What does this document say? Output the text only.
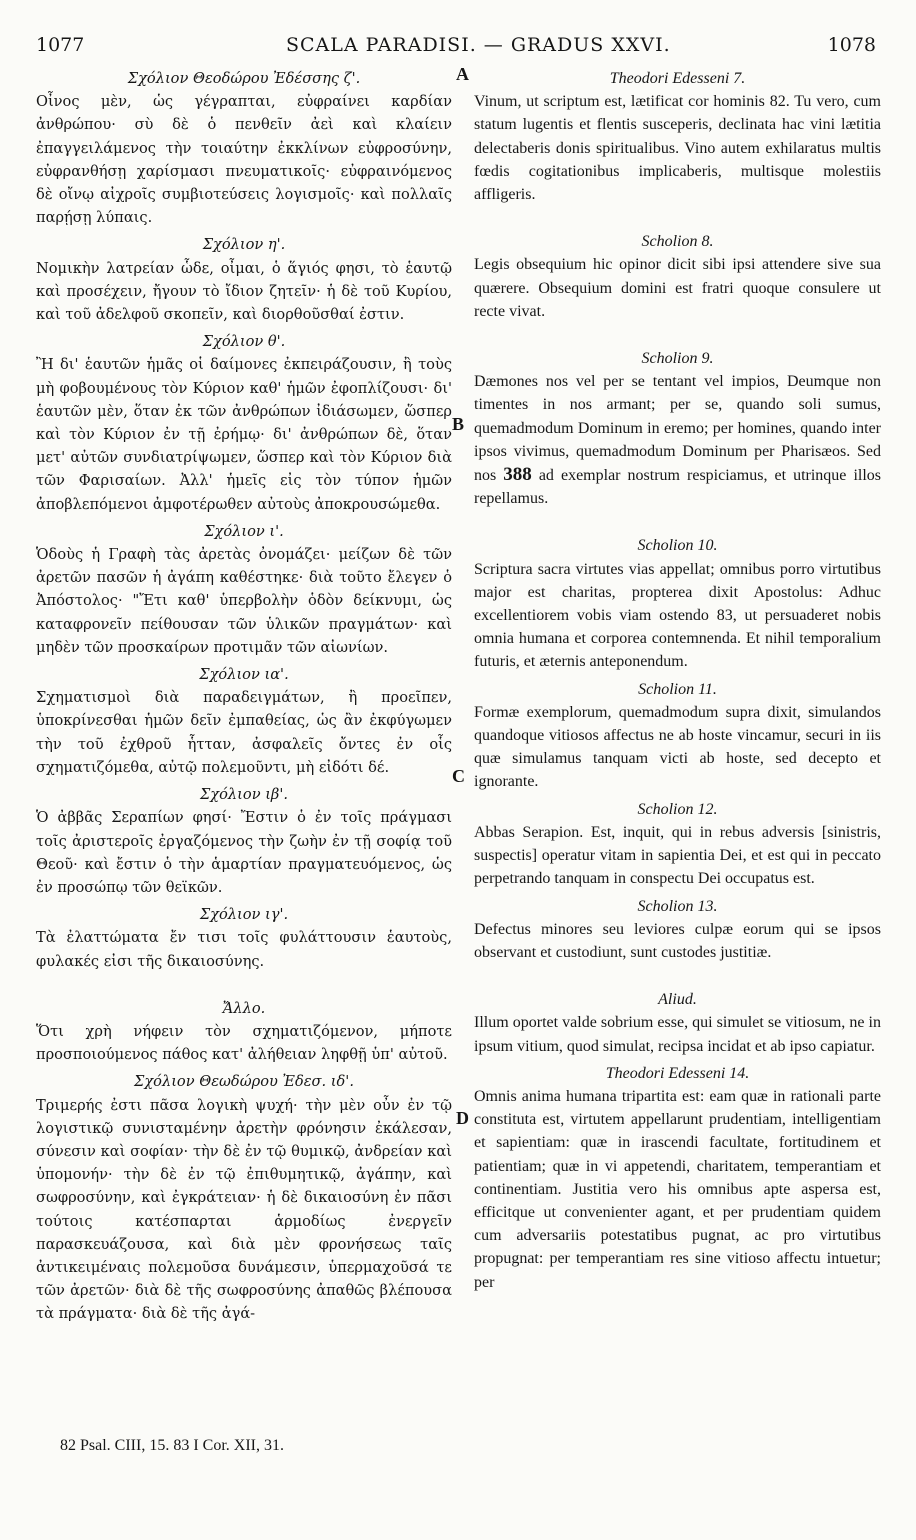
1077	SCALA PARADISI. — GRADUS XXVI.	1078
A
B
C
D

Σχόλιον Θεοδώρου Ἐδέσσης ζ'.

Οἶνος μὲν, ὡς γέγραπται, εὐφραίνει καρδίαν ἀνθρώπου· σὺ δὲ ὁ πενθεῖν ἀεὶ καὶ κλαίειν ἐπαγγειλάμενος τὴν τοιαύτην ἐκκλίνων εὐφροσύνην, εὐφρανθήσῃ χαρίσμασι πνευματικοῖς· εὐφραινόμενος δὲ οἴνῳ αἰχροῖς συμβιοτεύσεις λογισμοῖς· καὶ πολλαῖς παρῄσῃ λύπαις.

Σχόλιον η'.

Νομικὴν λατρείαν ὧδε, οἶμαι, ὁ ἅγιός φησι, τὸ ἑαυτῷ καὶ προσέχειν, ἤγουν τὸ ἴδιον ζητεῖν· ἡ δὲ τοῦ Κυρίου, καὶ τοῦ ἀδελφοῦ σκοπεῖν, καὶ διορθοῦσθαί ἐστιν.

Σχόλιον θ'.

Ἢ δι' ἑαυτῶν ἡμᾶς οἱ δαίμονες ἐκπειράζουσιν, ἢ τοὺς μὴ φοβουμένους τὸν Κύριον καθ' ἡμῶν ἐφοπλίζουσι· δι' ἑαυτῶν μὲν, ὅταν ἐκ τῶν ἀνθρώπων ἰδιάσωμεν, ὥσπερ καὶ τὸν Κύριον ἐν τῇ ἐρήμῳ· δι' ἀνθρώπων δὲ, ὅταν μετ' αὐτῶν συνδιατρίψωμεν, ὥσπερ καὶ τὸν Κύριον διὰ τῶν Φαρισαίων. Ἀλλ' ἡμεῖς εἰς τὸν τύπον ἡμῶν ἀποβλεπόμενοι ἀμφοτέρωθεν αὐτοὺς ἀποκρουσώμεθα.

Σχόλιον ι'.

Ὁδοὺς ἡ Γραφὴ τὰς ἀρετὰς ὀνομάζει· μείζων δὲ τῶν ἀρετῶν πασῶν ἡ ἀγάπη καθέστηκε· διὰ τοῦτο ἔλεγεν ὁ Ἀπόστολος· "Ἔτι καθ' ὑπερβολὴν ὁδὸν δείκνυμι, ὡς καταφρονεῖν πείθουσαν τῶν ὑλικῶν πραγμάτων· καὶ μηδὲν τῶν προσκαίρων προτιμᾶν τῶν αἰωνίων.

Σχόλιον ια'.

Σχηματισμοὶ διὰ παραδειγμάτων, ἢ προεῖπεν, ὑποκρίνεσθαι ἡμῶν δεῖν ἐμπαθείας, ὡς ἂν ἐκφύγωμεν τὴν τοῦ ἐχθροῦ ἧτταν, ἀσφαλεῖς ὄντες ἐν οἷς σχηματιζόμεθα, αὐτῷ πολεμοῦντι, μὴ εἰδότι δέ.

Σχόλιον ιβ'.

Ὁ ἀββᾶς Σεραπίων φησί· Ἔστιν ὁ ἐν τοῖς πράγμασι τοῖς ἀριστεροῖς ἐργαζόμενος τὴν ζωὴν ἐν τῇ σοφίᾳ τοῦ Θεοῦ· καὶ ἔστιν ὁ τὴν ἁμαρτίαν πραγματευόμενος, ὡς ἐν προσώπῳ τῶν θεϊκῶν.

Σχόλιον ιγ'.

Τὰ ἐλαττώματα ἔν τισι τοῖς φυλάττουσιν ἑαυτοὺς, φυλακές εἰσι τῆς δικαιοσύνης.

Ἄλλο.

Ὅτι χρὴ νήφειν τὸν σχηματιζόμενον, μήποτε προσποιούμενος πάθος κατ' ἀλήθειαν ληφθῇ ὑπ' αὐτοῦ.

Σχόλιον Θεωδώρου Ἐδεσ. ιδ'.

Τριμερής ἐστι πᾶσα λογικὴ ψυχή· τὴν μὲν οὖν ἐν τῷ λογιστικῷ συνισταμένην ἀρετὴν φρόνησιν ἐκάλεσαν, σύνεσιν καὶ σοφίαν· τὴν δὲ ἐν τῷ θυμικῷ, ἀνδρείαν καὶ ὑπομονήν· τὴν δὲ ἐν τῷ ἐπιθυμητικῷ, ἀγάπην, καὶ σωφροσύνην, καὶ ἐγκράτειαν· ἡ δὲ δικαιοσύνη ἐν πᾶσι τούτοις κατέσπαρται ἁρμοδίως ἐνεργεῖν παρασκευάζουσα, καὶ διὰ μὲν φρονήσεως ταῖς ἀντικειμέναις πολεμοῦσα δυνάμεσιν, ὑπερμαχοῦσά τε τῶν ἀρετῶν· διὰ δὲ τῆς σωφροσύνης ἀπαθῶς βλέπουσα τὰ πράγματα· διὰ δὲ τῆς ἀγά-

Theodori Edesseni 7.

Vinum, ut scriptum est, lætificat cor hominis 82. Tu vero, cum statum lugentis et flentis susceperis, declinata hac vini lætitia delectaberis donis spiritualibus. Vino autem exhilaratus multis fœdis cogitationibus implicaberis, multisque molestiis affligeris.

Scholion 8.

Legis obsequium hic opinor dicit sibi ipsi attendere sive sua quærere. Obsequium domini est fratri quoque consulere ut recte vivat.

Scholion 9.

Dæmones nos vel per se tentant vel impios, Deumque non timentes in nos armant; per se, quando soli sumus, quemadmodum Dominum in eremo; per homines, quando inter ipsos vivimus, quemadmodum Dominum per Pharisæos. Sed nos 388 ad exemplar nostrum respiciamus, et utrinque illos repellamus.

Scholion 10.

Scriptura sacra virtutes vias appellat; omnibus porro virtutibus major est charitas, propterea dixit Apostolus: Adhuc excellentiorem vobis viam ostendo 83, ut persuaderet nobis omnia humana et corporea contemnenda. Et nihil temporalium futuris, et æternis anteponendum.

Scholion 11.

Formæ exemplorum, quemadmodum supra dixit, simulandos quandoque vitiosos affectus ne ab hoste vincamur, securi in iis quæ simulamus tanquam victi ab hoste, sed decepto et ignorante.

Scholion 12.

Abbas Serapion. Est, inquit, qui in rebus adversis [sinistris, suspectis] operatur vitam in sapientia Dei, et est qui in peccato perpetrando tanquam in conspectu Dei occupatus est.

Scholion 13.

Defectus minores seu leviores culpæ eorum qui se ipsos observant et custodiunt, sunt custodes justitiæ.

Aliud.

Illum oportet valde sobrium esse, qui simulet se vitiosum, ne in ipsum vitium, quod simulat, recipsa incidat et ab ipso capiatur.

Theodori Edesseni 14.

Omnis anima humana tripartita est: eam quæ in rationali parte constituta est, virtutem appellarunt prudentiam, intelligentiam et sapientiam: quæ in irascendi facultate, fortitudinem et patientiam; quæ in vi appetendi, charitatem, temperantiam et continentiam. Justitia vero his omnibus apte aspersa est, efficitque ut convenienter agant, et per prudentiam quidem cum adversariis potestatibus pugnat, ac pro virtutibus propugnat: per temperantiam res sine vitioso affectu intuetur; per

82 Psal. CIII, 15. 83 I Cor. XII, 31.
